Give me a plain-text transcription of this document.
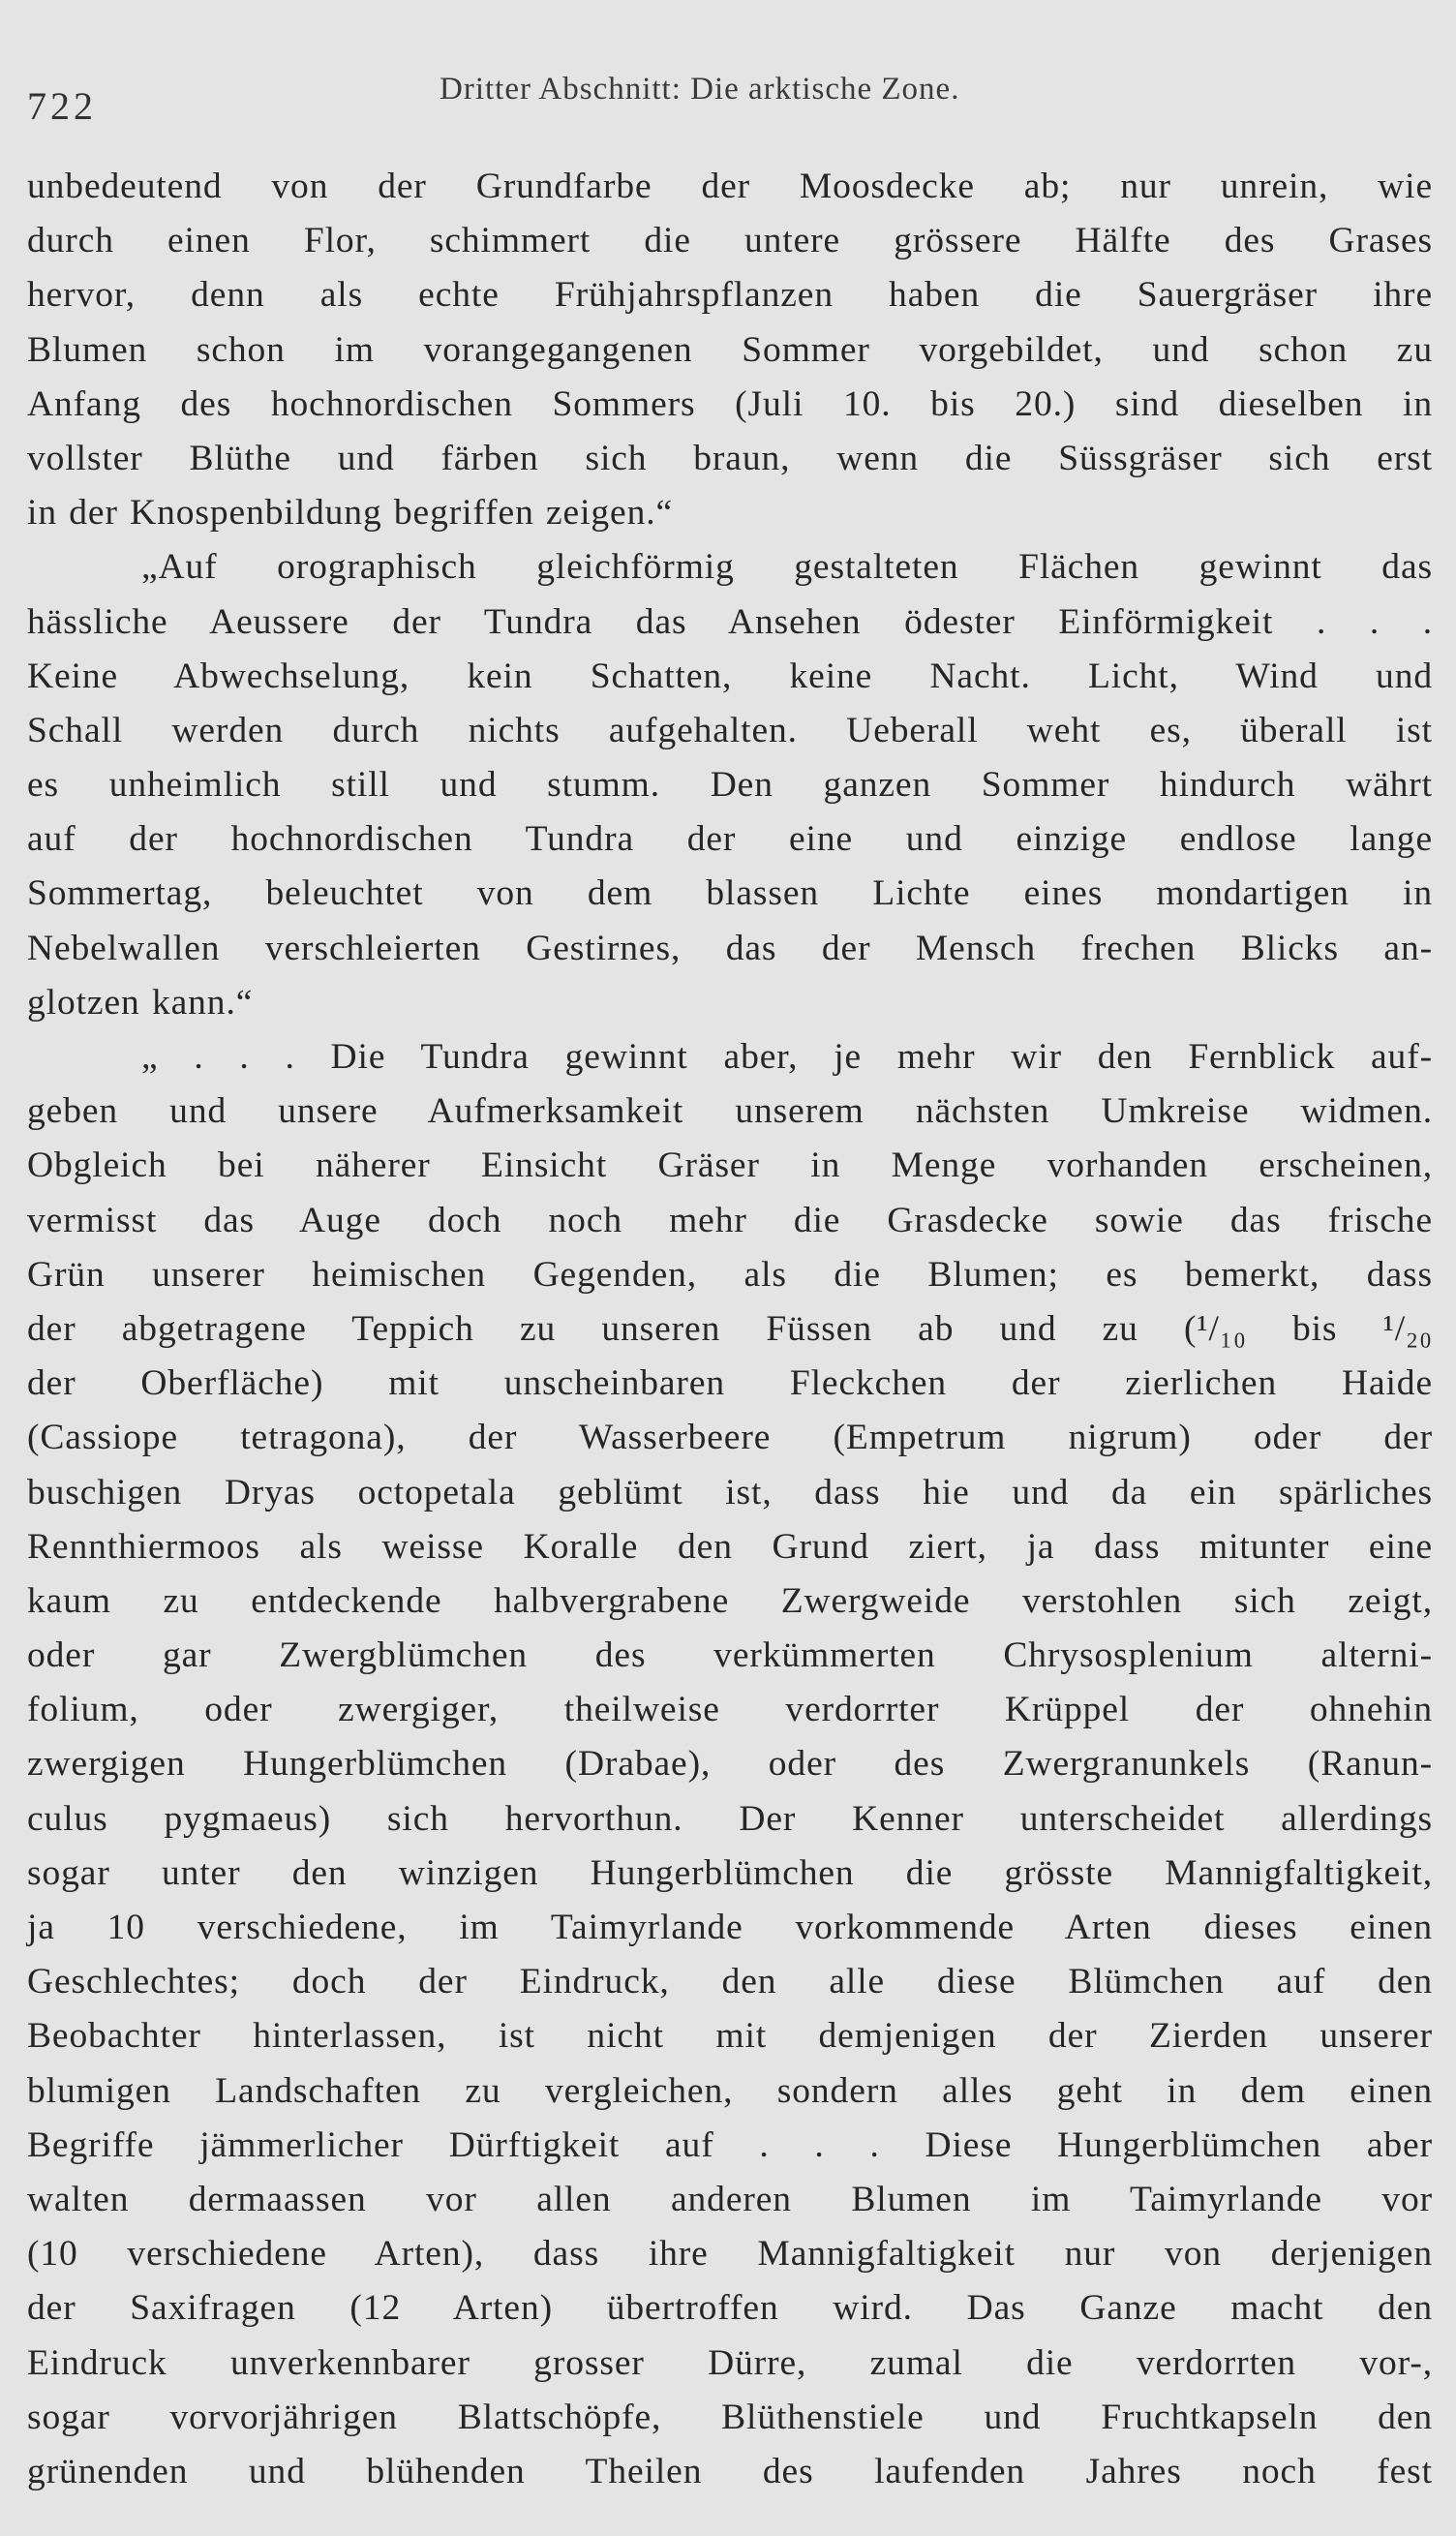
722	Dritter Abschnitt: Die arktische Zone.
unbedeutend von der Grundfarbe der Moosdecke ab; nur unrein, wie
durch einen Flor, schimmert die untere grössere Hälfte des Grases
hervor, denn als echte Frühjahrspflanzen haben die Sauergräser ihre
Blumen schon im vorangegangenen Sommer vorgebildet, und schon zu
Anfang des hochnordischen Sommers (Juli 10. bis 20.) sind dieselben in
vollster Blüthe und färben sich braun, wenn die Süssgräser sich erst
in der Knospenbildung begriffen zeigen.“
„Auf orographisch gleichförmig gestalteten Flächen gewinnt das
hässliche Aeussere der Tundra das Ansehen ödester Einförmigkeit . . .
Keine Abwechselung, kein Schatten, keine Nacht. Licht, Wind und
Schall werden durch nichts aufgehalten. Ueberall weht es, überall ist
es unheimlich still und stumm. Den ganzen Sommer hindurch währt
auf der hochnordischen Tundra der eine und einzige endlose lange
Sommertag, beleuchtet von dem blassen Lichte eines mondartigen in
Nebelwallen verschleierten Gestirnes, das der Mensch frechen Blicks an-
glotzen kann.“
„ . . . Die Tundra gewinnt aber, je mehr wir den Fernblick auf-
geben und unsere Aufmerksamkeit unserem nächsten Umkreise widmen.
Obgleich bei näherer Einsicht Gräser in Menge vorhanden erscheinen,
vermisst das Auge doch noch mehr die Grasdecke sowie das frische
Grün unserer heimischen Gegenden, als die Blumen; es bemerkt, dass
der abgetragene Teppich zu unseren Füssen ab und zu (¹/₁₀ bis ¹/₂₀
der Oberfläche) mit unscheinbaren Fleckchen der zierlichen Haide
(Cassiope tetragona), der Wasserbeere (Empetrum nigrum) oder der
buschigen Dryas octopetala geblümt ist, dass hie und da ein spärliches
Rennthiermoos als weisse Koralle den Grund ziert, ja dass mitunter eine
kaum zu entdeckende halbvergrabene Zwergweide verstohlen sich zeigt,
oder gar Zwergblümchen des verkümmerten Chrysosplenium alterni-
folium, oder zwergiger, theilweise verdorrter Krüppel der ohnehin
zwergigen Hungerblümchen (Drabae), oder des Zwergranunkels (Ranun-
culus pygmaeus) sich hervorthun. Der Kenner unterscheidet allerdings
sogar unter den winzigen Hungerblümchen die grösste Mannigfaltigkeit,
ja 10 verschiedene, im Taimyrlande vorkommende Arten dieses einen
Geschlechtes; doch der Eindruck, den alle diese Blümchen auf den
Beobachter hinterlassen, ist nicht mit demjenigen der Zierden unserer
blumigen Landschaften zu vergleichen, sondern alles geht in dem einen
Begriffe jämmerlicher Dürftigkeit auf . . . Diese Hungerblümchen aber
walten dermaassen vor allen anderen Blumen im Taimyrlande vor
(10 verschiedene Arten), dass ihre Mannigfaltigkeit nur von derjenigen
der Saxifragen (12 Arten) übertroffen wird. Das Ganze macht den
Eindruck unverkennbarer grosser Dürre, zumal die verdorrten vor-,
sogar vorvorjährigen Blattschöpfe, Blüthenstiele und Fruchtkapseln den
grünenden und blühenden Theilen des laufenden Jahres noch fest
